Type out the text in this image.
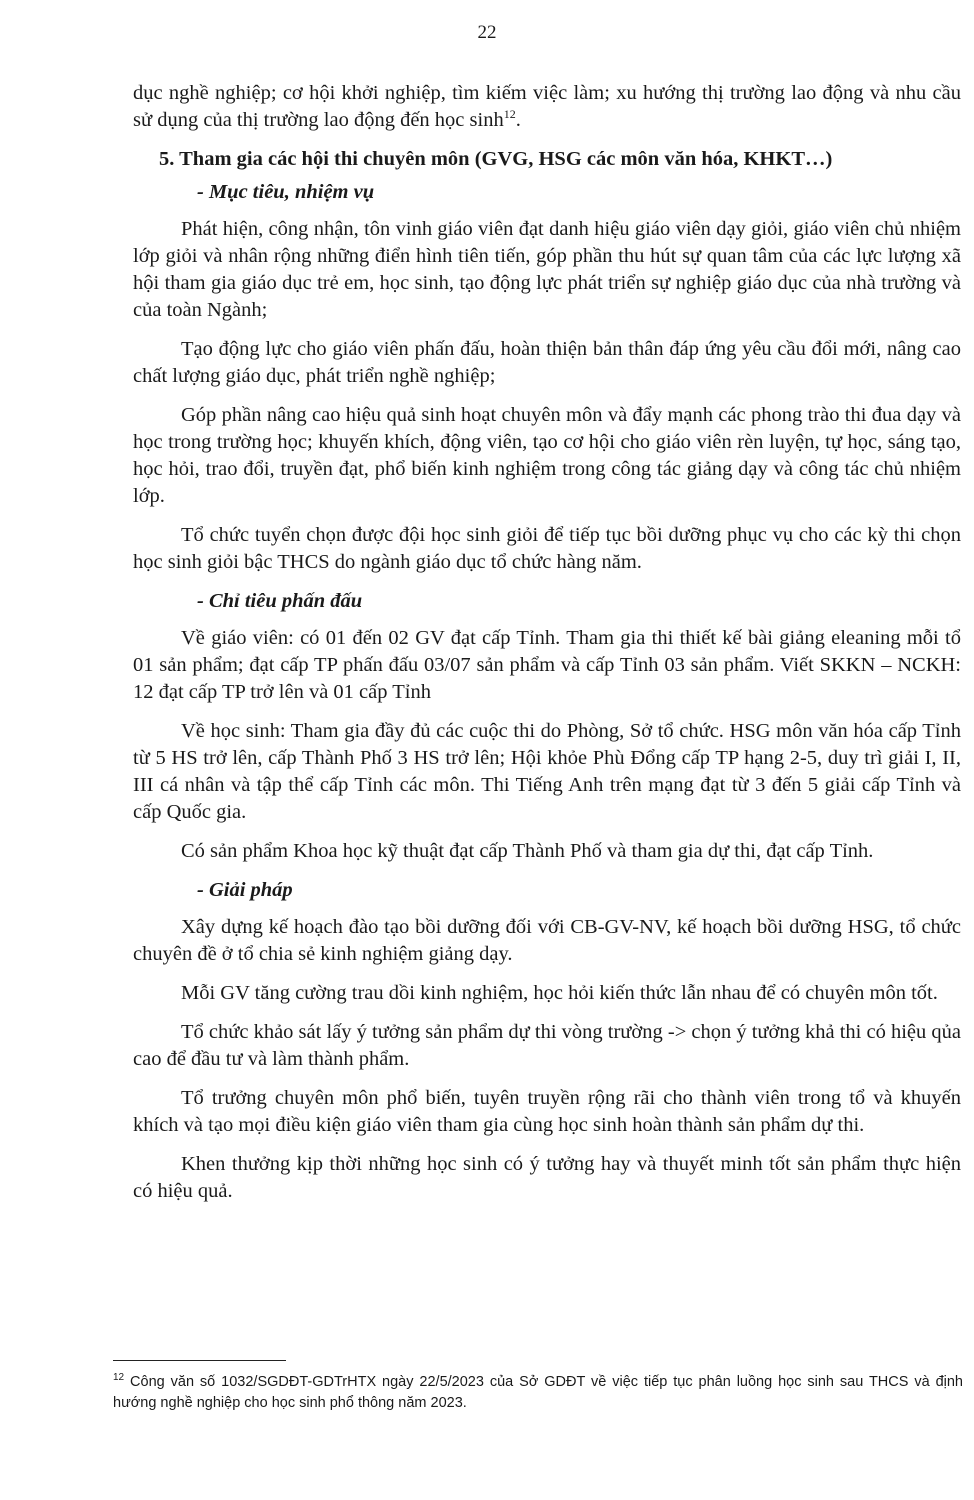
22

dục nghề nghiệp; cơ hội khởi nghiệp, tìm kiếm việc làm; xu hướng thị trường lao động và nhu cầu sử dụng của thị trường lao động đến học $\sinh^{12}$.

5. Tham gia các hội thi chuyên môn (GVG, HSG các môn văn hóa, KHKT…)

- Mục tiêu, nhiệm vụ

Phát hiện, công nhận, tôn vinh giáo viên đạt danh hiệu giáo viên dạy giỏi, giáo viên chủ nhiệm lớp giỏi và nhân rộng những điển hình tiên tiến, góp phần thu hút sự quan tâm của các lực lượng xã hội tham gia giáo dục trẻ em, học sinh, tạo động lực phát triển sự nghiệp giáo dục của nhà trường và của toàn Ngành;

Tạo động lực cho giáo viên phấn đấu, hoàn thiện bản thân đáp ứng yêu cầu đổi mới, nâng cao chất lượng giáo dục, phát triển nghề nghiệp;

Góp phần nâng cao hiệu quả sinh hoạt chuyên môn và đẩy mạnh các phong trào thi đua dạy và học trong trường học; khuyến khích, động viên, tạo cơ hội cho giáo viên rèn luyện, tự học, sáng tạo, học hỏi, trao đổi, truyền đạt, phổ biến kinh nghiệm trong công tác giảng dạy và công tác chủ nhiệm lớp.

Tổ chức tuyển chọn được đội học sinh giỏi để tiếp tục bồi dưỡng phục vụ cho các kỳ thi chọn học sinh giỏi bậc THCS do ngành giáo dục tổ chức hàng năm.

- Chỉ tiêu phấn đấu

Về giáo viên: có 01 đến 02 GV đạt cấp Tỉnh. Tham gia thi thiết kế bài giảng eleaning mỗi tổ 01 sản phẩm; đạt cấp TP phấn đấu 03/07 sản phẩm và cấp Tỉnh 03 sản phẩm. Viết SKKN – NCKH: 12 đạt cấp TP trở lên và 01 cấp Tỉnh

Về học sinh: Tham gia đầy đủ các cuộc thi do Phòng, Sở tổ chức. HSG môn văn hóa cấp Tỉnh từ 5 HS trở lên, cấp Thành Phố 3 HS trở lên; Hội khỏe Phù Đổng cấp TP hạng 2-5, duy trì giải I, II, III cá nhân và tập thể cấp Tỉnh các môn. Thi Tiếng Anh trên mạng đạt từ 3 đến 5 giải cấp Tỉnh và cấp Quốc gia.

Có sản phẩm Khoa học kỹ thuật đạt cấp Thành Phố và tham gia dự thi, đạt cấp Tỉnh.

- Giải pháp

Xây dựng kế hoạch đào tạo bồi dưỡng đối với CB-GV-NV, kế hoạch bồi dưỡng HSG, tổ chức chuyên đề ở tổ chia sẻ kinh nghiệm giảng dạy.

Mỗi GV tăng cường trau dồi kinh nghiệm, học hỏi kiến thức lẫn nhau để có chuyên môn tốt.

Tổ chức khảo sát lấy ý tưởng sản phẩm dự thi vòng trường -> chọn ý tưởng khả thi có hiệu qủa cao để đầu tư và làm thành phẩm.

Tổ trưởng chuyên môn phổ biến, tuyên truyền rộng rãi cho thành viên trong tổ và khuyến khích và tạo mọi điều kiện giáo viên tham gia cùng học sinh hoàn thành sản phẩm dự thi.

Khen thưởng kịp thời những học sinh có ý tưởng hay và thuyết minh tốt sản phẩm thực hiện có hiệu quả.

$^{12}$ Công văn số 1032/SGDĐT-GDTrHTX ngày 22/5/2023 của Sở GDĐT về việc tiếp tục phân luồng học sinh sau THCS và định hướng nghề nghiệp cho học sinh phổ thông năm 2023.
